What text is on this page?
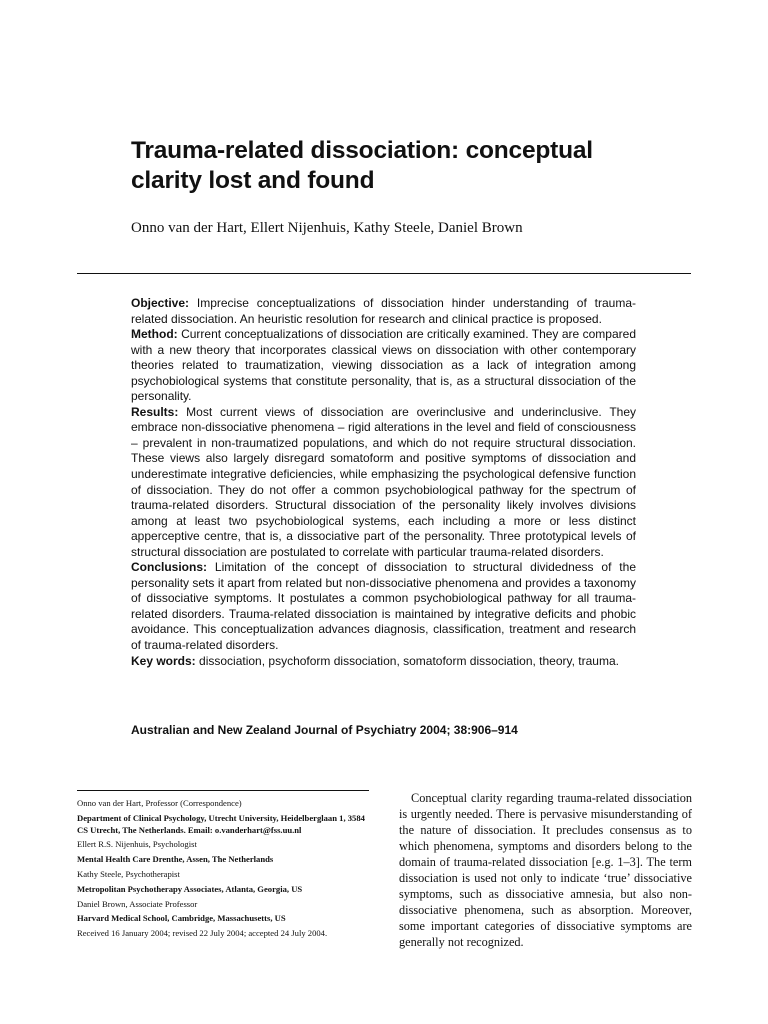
Trauma-related dissociation: conceptual clarity lost and found
Onno van der Hart, Ellert Nijenhuis, Kathy Steele, Daniel Brown

Objective: Imprecise conceptualizations of dissociation hinder understanding of trauma-related dissociation. An heuristic resolution for research and clinical practice is proposed.

Method: Current conceptualizations of dissociation are critically examined. They are compared with a new theory that incorporates classical views on dissociation with other contemporary theories related to traumatization, viewing dissociation as a lack of integration among psychobiological systems that constitute personality, that is, as a structural dissociation of the personality.

Results: Most current views of dissociation are overinclusive and underinclusive. They embrace non-dissociative phenomena – rigid alterations in the level and field of consciousness – prevalent in non-traumatized populations, and which do not require structural dissociation. These views also largely disregard somatoform and positive symptoms of dissociation and underestimate integrative deficiencies, while emphasizing the psychological defensive function of dissociation. They do not offer a common psychobiological pathway for the spectrum of trauma-related disorders. Structural dissociation of the personality likely involves divisions among at least two psychobiological systems, each including a more or less distinct apperceptive centre, that is, a dissociative part of the personality. Three prototypical levels of structural dissociation are postulated to correlate with particular trauma-related disorders.

Conclusions: Limitation of the concept of dissociation to structural dividedness of the personality sets it apart from related but non-dissociative phenomena and provides a taxonomy of dissociative symptoms. It postulates a common psychobiological pathway for all trauma-related disorders. Trauma-related dissociation is maintained by integrative deficits and phobic avoidance. This conceptualization advances diagnosis, classification, treatment and research of trauma-related disorders.

Key words: dissociation, psychoform dissociation, somatoform dissociation, theory, trauma.

Australian and New Zealand Journal of Psychiatry 2004; 38:906–914

Onno van der Hart, Professor (Correspondence)

Department of Clinical Psychology, Utrecht University, Heidelberglaan 1, 3584 CS Utrecht, The Netherlands. Email: o.vanderhart@fss.uu.nl

Ellert R.S. Nijenhuis, Psychologist

Mental Health Care Drenthe, Assen, The Netherlands

Kathy Steele, Psychotherapist

Metropolitan Psychotherapy Associates, Atlanta, Georgia, US

Daniel Brown, Associate Professor

Harvard Medical School, Cambridge, Massachusetts, US

Received 16 January 2004; revised 22 July 2004; accepted 24 July 2004.

Conceptual clarity regarding trauma-related dissociation is urgently needed. There is pervasive misunderstanding of the nature of dissociation. It precludes consensus as to which phenomena, symptoms and disorders belong to the domain of trauma-related dissociation [e.g. 1–3]. The term dissociation is used not only to indicate ‘true’ dissociative symptoms, such as dissociative amnesia, but also non-dissociative phenomena, such as absorption. Moreover, some important categories of dissociative symptoms are generally not recognized.
